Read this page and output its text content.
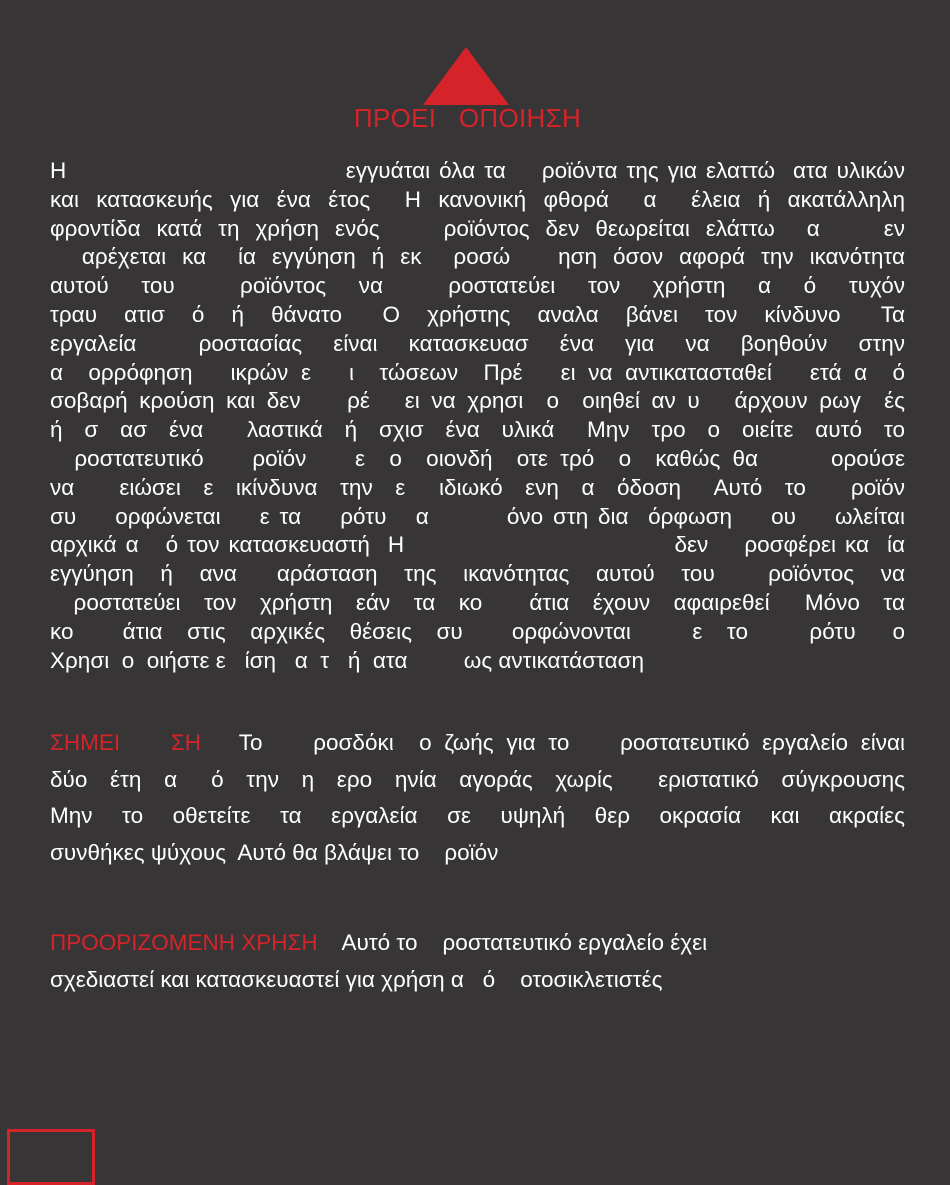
ΠΡΟΕΙ   ΟΠΟΙΗΣΗ
Η                               εγγυάται όλα τα    ροϊόντα της για ελαττώ  ατα υλικών
και κατασκευής για ένα έτος  Η κανονική φθορά  α  έλεια ή ακατάλληλη
φροντίδα κατά τη χρήση ενός    ροϊόντος δεν θεωρείται ελάττω  α    εν
αρέχεται κα  ία εγγύηση ή εκ  ροσώ   ηση όσον αφορά την ικανότητα
αυτού  του    ροϊόντος  να    ροστατεύει  τον  χρήστη  α  ό  τυχόν
τραυ  ατισ  ό  ή  θάνατο   Ο  χρήστης  αναλα  βάνει  τον  κίνδυνο   Τα
εργαλεία    ροστασίας  είναι  κατασκευασ  ένα  για  να  βοηθούν  στην
α  ορρόφηση   ικρών ε   ι  τώσεων  Πρέ   ει να αντικατασταθεί   ετά α  ό
σοβαρή κρούση και δεν    ρέ   ει να χρησι  ο  οιηθεί αν υ   άρχουν ρωγ  ές
ή  σ  ασ  ένα    λαστικά  ή  σχισ  ένα  υλικά   Μην  τρο  ο  οιείτε  αυτό  το
ροστατευτικό    ροϊόν    ε  ο  οιονδή  οτε τρό  ο  καθώς θα      ορούσε
να    ειώσει  ε  ικίνδυνα  την  ε   ιδιωκό  ενη  α  όδοση   Αυτό  το    ροϊόν
συ    ορφώνεται    ε τα    ρότυ   α        όνο στη δια  όρφωση    ου    ωλείται
αρχικά α   ό τον κατασκευαστή  Η                              δεν    ροσφέρει κα  ία
εγγύηση  ή  ανα   αράσταση  της  ικανότητας  αυτού  του    ροϊόντος  να
ροστατεύει  τον  χρήστη  εάν  τα  κο    άτια  έχουν  αφαιρεθεί   Μόνο  τα
κο    άτια  στις  αρχικές  θέσεις  συ    ορφώνονται     ε  το     ρότυ   ο
Χρησι  ο  οιήστε ε   ίση   α  τ   ή  ατα         ως αντικατάσταση
ΣΗΜΕΙ    ΣΗ   Το    ροσδόκι  ο ζωής για το    ροστατευτικό εργαλείο είναι
δύο  έτη  α   ό  την  η  ερο  ηνία  αγοράς  χωρίς    εριστατικό  σύγκρουσης
Μην  το  οθετείτε  τα  εργαλεία  σε  υψηλή  θερ  οκρασία  και  ακραίες
συνθήκες ψύχους  Αυτό θα βλάψει το    ροϊόν
ΠΡΟΟΡΙΖΟΜΕΝΗ ΧΡΗΣΗ    Αυτό το    ροστατευτικό εργαλείο έχει
σχεδιαστεί και κατασκευαστεί για χρήση α   ό    οτοσικλετιστές
